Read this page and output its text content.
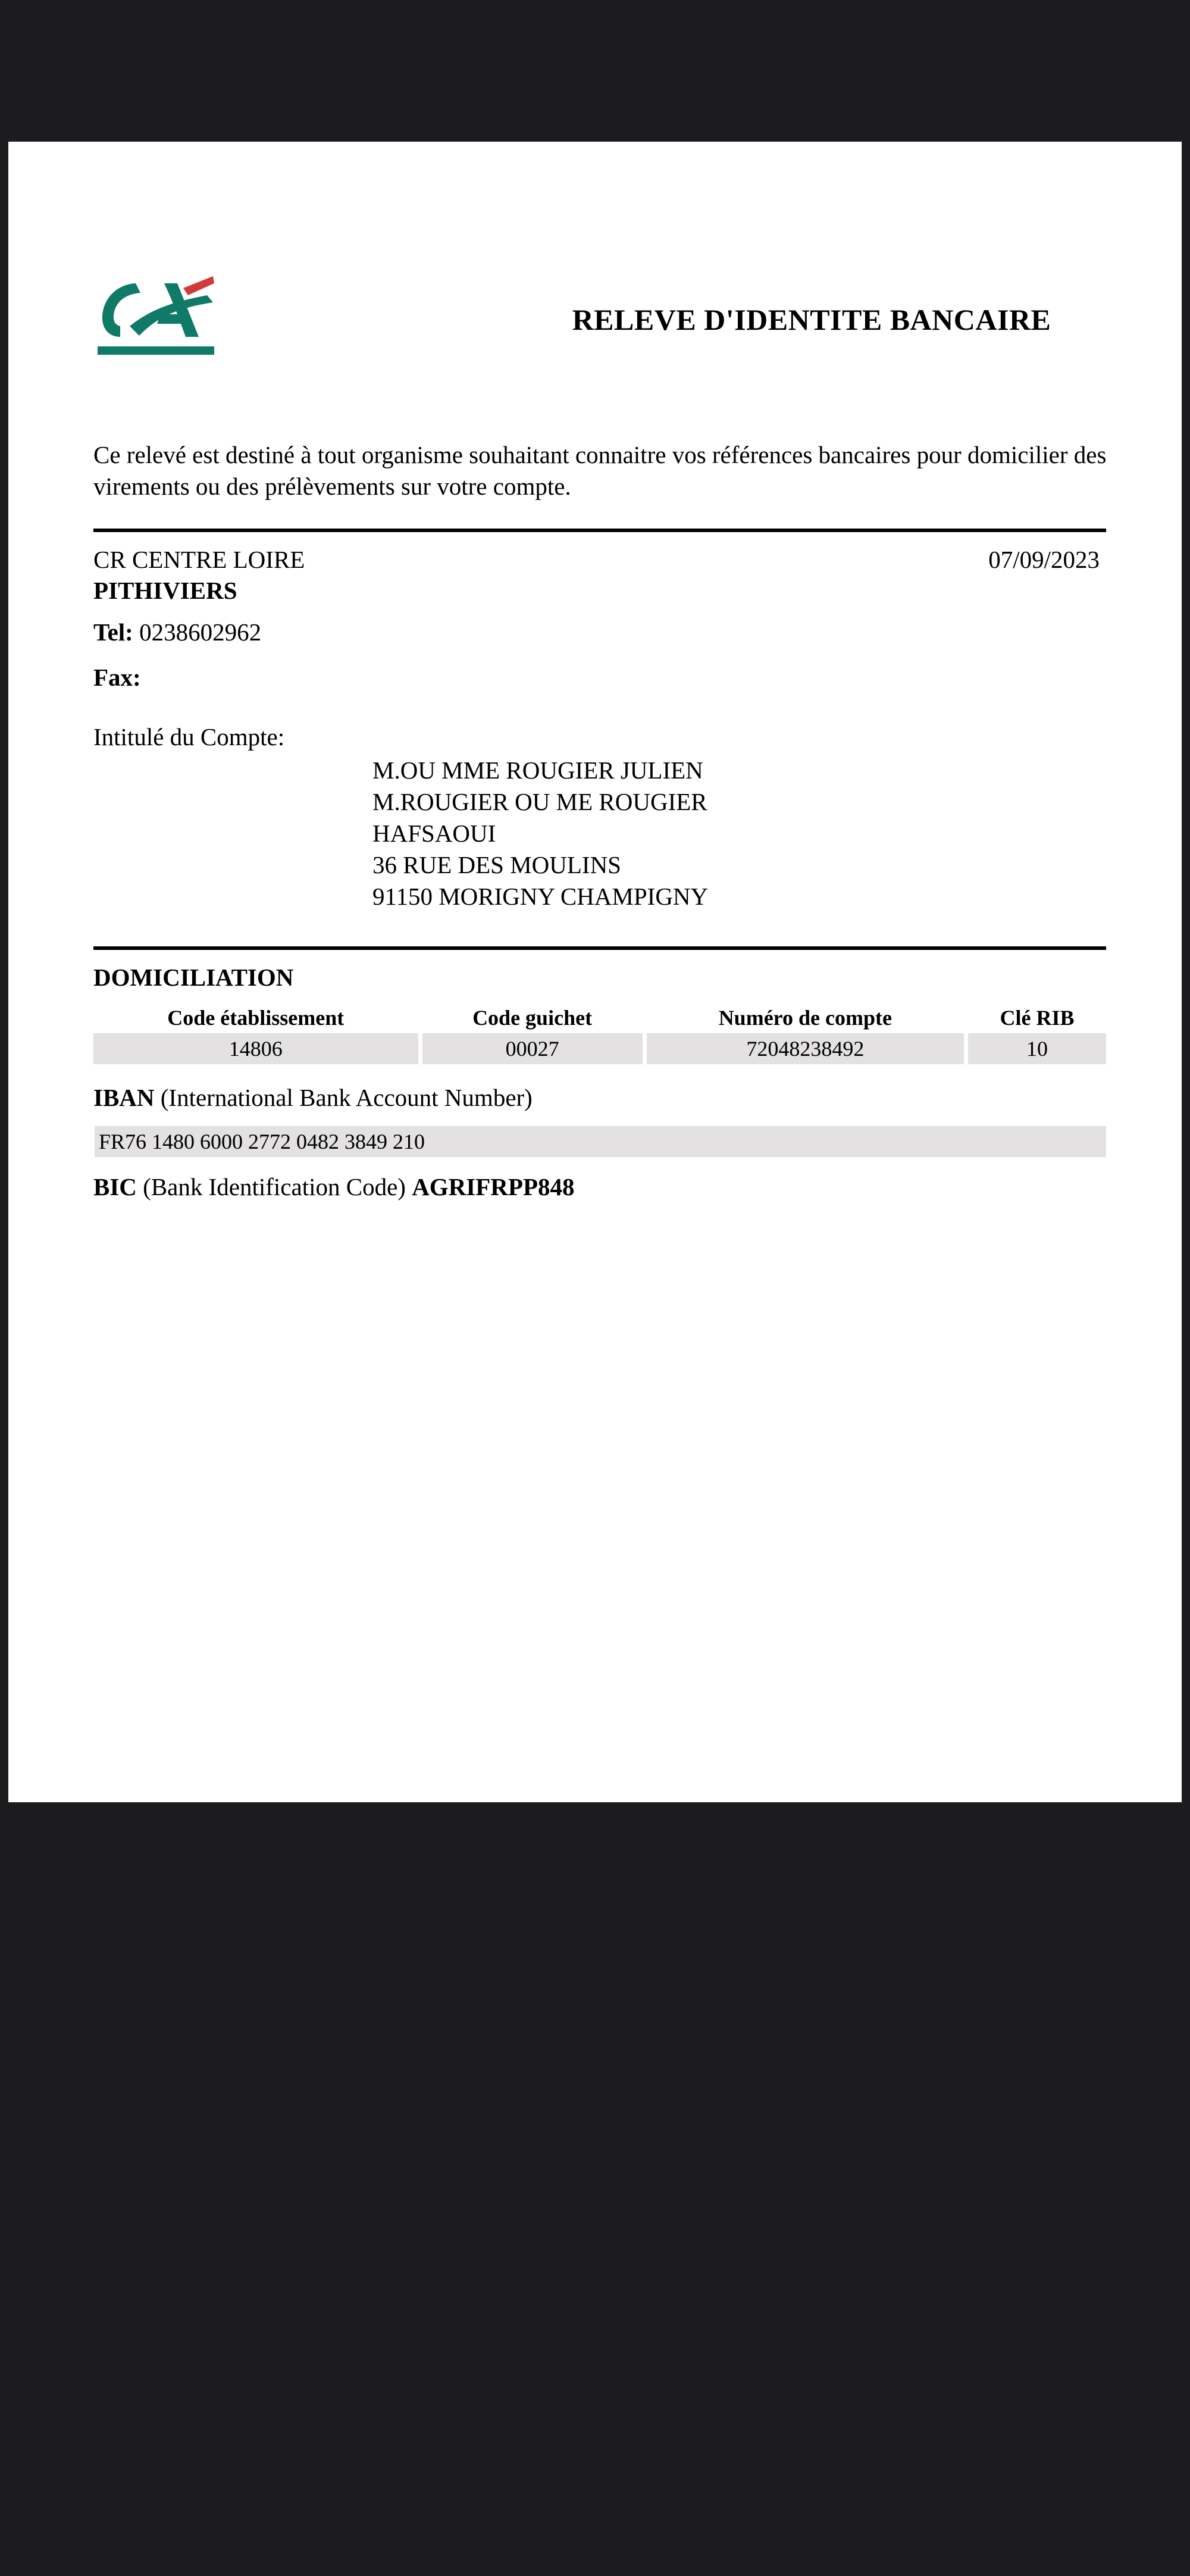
RELEVE D'IDENTITE BANCAIRE
Ce relevé est destiné à tout organisme souhaitant connaitre vos références bancaires pour domicilier des virements ou des prélèvements sur votre compte.
CR CENTRE LOIRE	07/09/2023
PITHIVIERS
Tel: 0238602962
Fax:
Intitulé du Compte:
M.OU MME ROUGIER JULIEN
M.ROUGIER OU ME ROUGIER
HAFSAOUI
36 RUE DES MOULINS
91150 MORIGNY CHAMPIGNY
DOMICILIATION
Code établissement	Code guichet	Numéro de compte	Clé RIB
14806	00027	72048238492	10
IBAN (International Bank Account Number)
FR76 1480 6000 2772 0482 3849 210
BIC (Bank Identification Code) AGRIFRPP848
